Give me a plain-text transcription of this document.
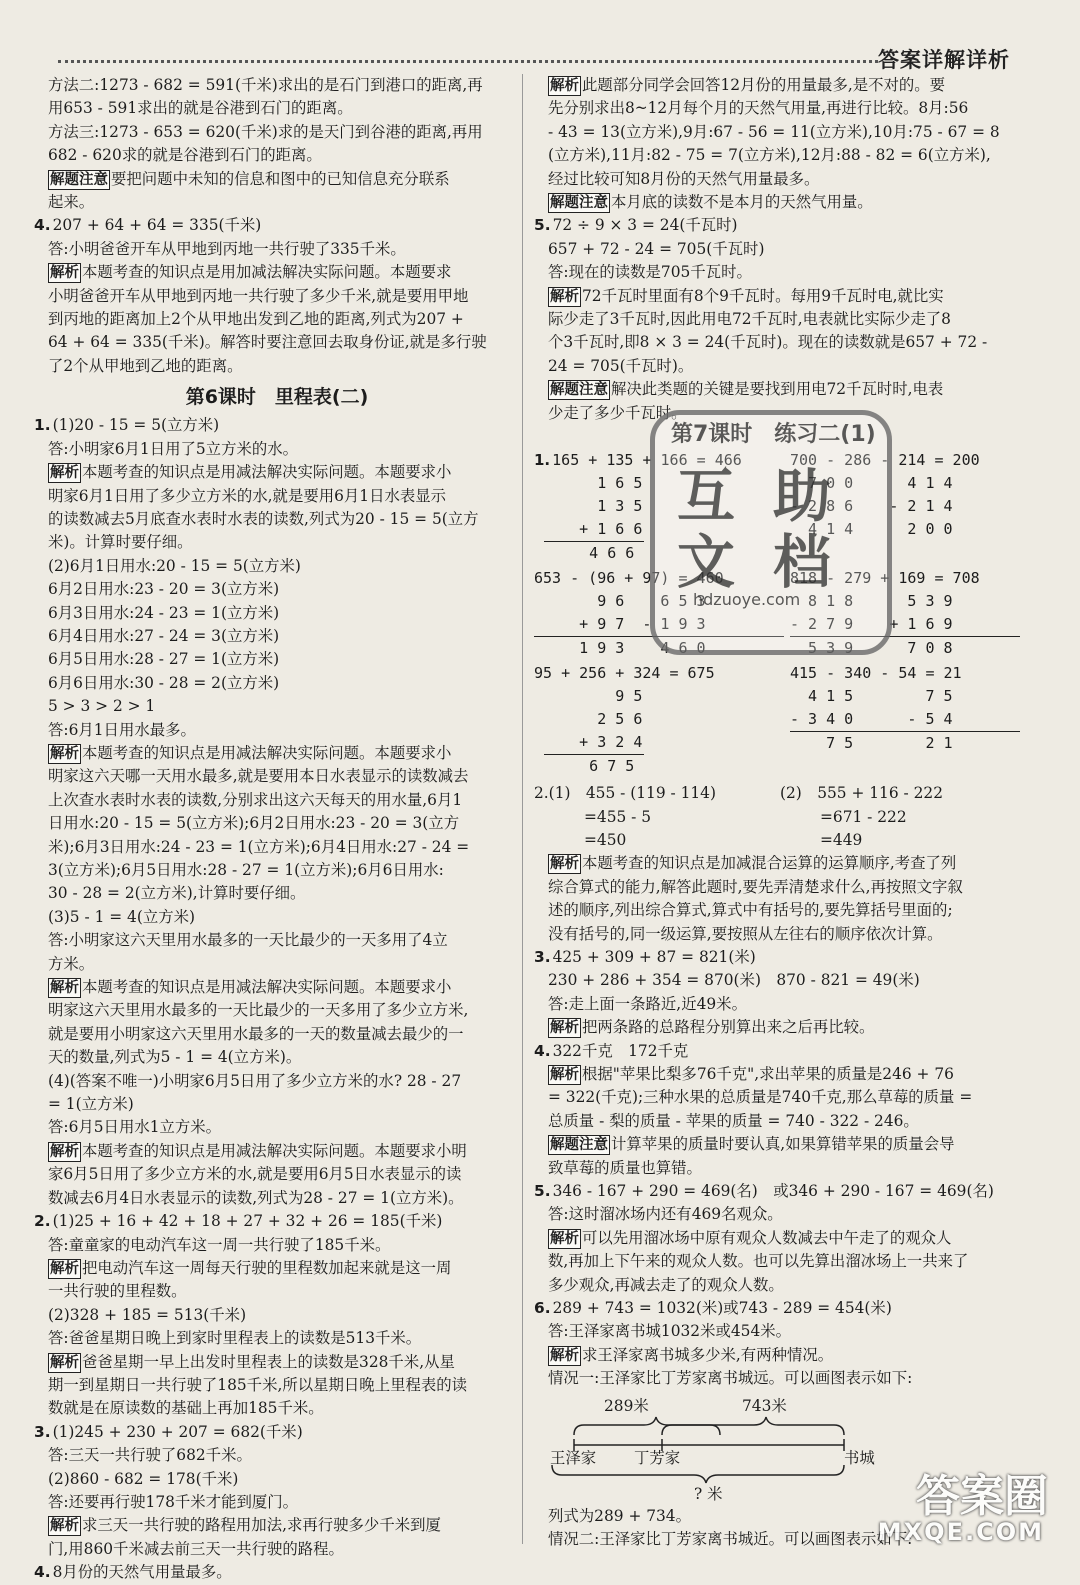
答案详解详析

方法二:1273 - 682 = 591(千米)求出的是石门到港口的距离,再

用653 - 591求出的就是谷港到石门的距离。

方法三:1273 - 653 = 620(千米)求的是天门到谷港的距离,再用

682 - 620求的就是谷港到石门的距离。

解题注意 要把问题中未知的信息和图中的已知信息充分联系

起来。

4. 207 + 64 + 64 = 335(千米)

答:小明爸爸开车从甲地到丙地一共行驶了335千米。

解析 本题考查的知识点是用加减法解决实际问题。本题要求

小明爸爸开车从甲地到丙地一共行驶了多少千米,就是要用甲地

到丙地的距离加上2个从甲地出发到乙地的距离,列式为207 +

64 + 64 = 335(千米)。解答时要注意回去取身份证,就是多行驶

了2个从甲地到乙地的距离。

第6课时　里程表(二)

1. (1)20 - 15 = 5(立方米)

答:小明家6月1日用了5立方米的水。

解析 本题考查的知识点是用减法解决实际问题。本题要求小

明家6月1日用了多少立方米的水,就是要用6月1日水表显示

的读数减去5月底查水表时水表的读数,列式为20 - 15 = 5(立方

米)。计算时要仔细。

(2)6月1日用水:20 - 15 = 5(立方米)

6月2日用水:23 - 20 = 3(立方米)

6月3日用水:24 - 23 = 1(立方米)

6月4日用水:27 - 24 = 3(立方米)

6月5日用水:28 - 27 = 1(立方米)

6月6日用水:30 - 28 = 2(立方米)

5 > 3 > 2 > 1

答:6月1日用水最多。

解析 本题考查的知识点是用减法解决实际问题。本题要求小

明家这六天哪一天用水最多,就是要用本日水表显示的读数减去

上次查水表时水表的读数,分别求出这六天每天的用水量,6月1

日用水:20 - 15 = 5(立方米);6月2日用水:23 - 20 = 3(立方

米);6月3日用水:24 - 23 = 1(立方米);6月4日用水:27 - 24 =

3(立方米);6月5日用水:28 - 27 = 1(立方米);6月6日用水:

30 - 28 = 2(立方米),计算时要仔细。

(3)5 - 1 = 4(立方米)

答:小明家这六天里用水最多的一天比最少的一天多用了4立

方米。

解析 本题考查的知识点是用减法解决实际问题。本题要求小

明家这六天里用水最多的一天比最少的一天多用了多少立方米,

就是要用小明家这六天里用水最多的一天的数量减去最少的一

天的数量,列式为5 - 1 = 4(立方米)。

(4)(答案不唯一)小明家6月5日用了多少立方米的水? 28 - 27

= 1(立方米)

答:6月5日用水1立方米。

解析 本题考查的知识点是用减法解决实际问题。本题要求小明

家6月5日用了多少立方米的水,就是要用6月5日水表显示的读

数减去6月4日水表显示的读数,列式为28 - 27 = 1(立方米)。

2. (1)25 + 16 + 42 + 18 + 27 + 32 + 26 = 185(千米)

答:童童家的电动汽车这一周一共行驶了185千米。

解析 把电动汽车这一周每天行驶的里程数加起来就是这一周

一共行驶的里程数。

(2)328 + 185 = 513(千米)

答:爸爸星期日晚上到家时里程表上的读数是513千米。

解析 爸爸星期一早上出发时里程表上的读数是328千米,从星

期一到星期日一共行驶了185千米,所以星期日晚上里程表的读

数就是在原读数的基础上再加185千米。

3. (1)245 + 230 + 207 = 682(千米)

答:三天一共行驶了682千米。

(2)860 - 682 = 178(千米)

答:还要再行驶178千米才能到厦门。

解析 求三天一共行驶的路程用加法,求再行驶多少千米到厦

门,用860千米减去前三天一共行驶的路程。

4. 8月份的天然气用量最多。

解析 此题部分同学会回答12月份的用量最多,是不对的。要

先分别求出8~12月每个月的天然气用量,再进行比较。8月:56

- 43 = 13(立方米),9月:67 - 56 = 11(立方米),10月:75 - 67 = 8

(立方米),11月:82 - 75 = 7(立方米),12月:88 - 82 = 6(立方米),

经过比较可知8月份的天然气用量最多。

解题注意 本月底的读数不是本月的天然气用量。

5. 72 ÷ 9 × 3 = 24(千瓦时)

657 + 72 - 24 = 705(千瓦时)

答:现在的读数是705千瓦时。

解析 72千瓦时里面有8个9千瓦时。每用9千瓦时电,就比实

际少走了3千瓦时,因此用电72千瓦时,电表就比实际少走了8

个3千瓦时,即8 × 3 = 24(千瓦时)。现在的读数就是657 + 72 -

24 = 705(千瓦时)。

解题注意 解决此类题的关键是要找到用电72千瓦时时,电表

少走了多少千瓦时。

1. 165 + 135 + 166 = 466
1 6 5
1 3 5
+ 1 6 6
4 6 6
700 - 286 - 214 = 200
7 0 0      4 1 4
- 2 8 6    - 2 1 4
4 1 4      2 0 0
653 - (96 + 97) = 460
9 6    6 5 3
+ 9 7  - 1 9 3
1 9 3    4 6 0
818 - 279 + 169 = 708
8 1 8      5 3 9
- 2 7 9    + 1 6 9
5 3 9      7 0 8
95 + 256 + 324 = 675
9 5
2 5 6
+ 3 2 4
6 7 5
415 - 340 - 54 = 21
4 1 5        7 5
- 3 4 0      - 5 4
7 5        2 1

2.(1)　455 - (119 - 114)

=455 - 5

=450

(2)　555 + 116 - 222

=671 - 222

=449

解析 本题考查的知识点是加减混合运算的运算顺序,考查了列

综合算式的能力,解答此题时,要先弄清楚求什么,再按照文字叙

述的顺序,列出综合算式,算式中有括号的,要先算括号里面的;

没有括号的,同一级运算,要按照从左往右的顺序依次计算。

3. 425 + 309 + 87 = 821(米)

230 + 286 + 354 = 870(米)　870 - 821 = 49(米)

答:走上面一条路近,近49米。

解析 把两条路的总路程分别算出来之后再比较。

4. 322千克　172千克

解析 根据"苹果比梨多76千克",求出苹果的质量是246 + 76

= 322(千克);三种水果的总质量是740千克,那么草莓的质量 =

总质量 - 梨的质量 - 苹果的质量 = 740 - 322 - 246。

解题注意 计算苹果的质量时要认真,如果算错苹果的质量会导

致草莓的质量也算错。

5. 346 - 167 + 290 = 469(名)　或346 + 290 - 167 = 469(名)

答:这时溜冰场内还有469名观众。

解析 可以先用溜冰场中原有观众人数减去中午走了的观众人

数,再加上下午来的观众人数。也可以先算出溜冰场上一共来了

多少观众,再减去走了的观众人数。

6. 289 + 743 = 1032(米)或743 - 289 = 454(米)

答:王泽家离书城1032米或454米。

解析 求王泽家离书城多少米,有两种情况。

情况一:王泽家比丁芳家离书城远。可以画图表示如下:

289米	743米
王泽家 丁芳家	书城
? 米

列式为289 + 734。

情况二:王泽家比丁芳家离书城近。可以画图表示如下:

第7课时　练习二(1)
互 助
文 档
hdzuoye.com
答案圈
MXQE.COM
